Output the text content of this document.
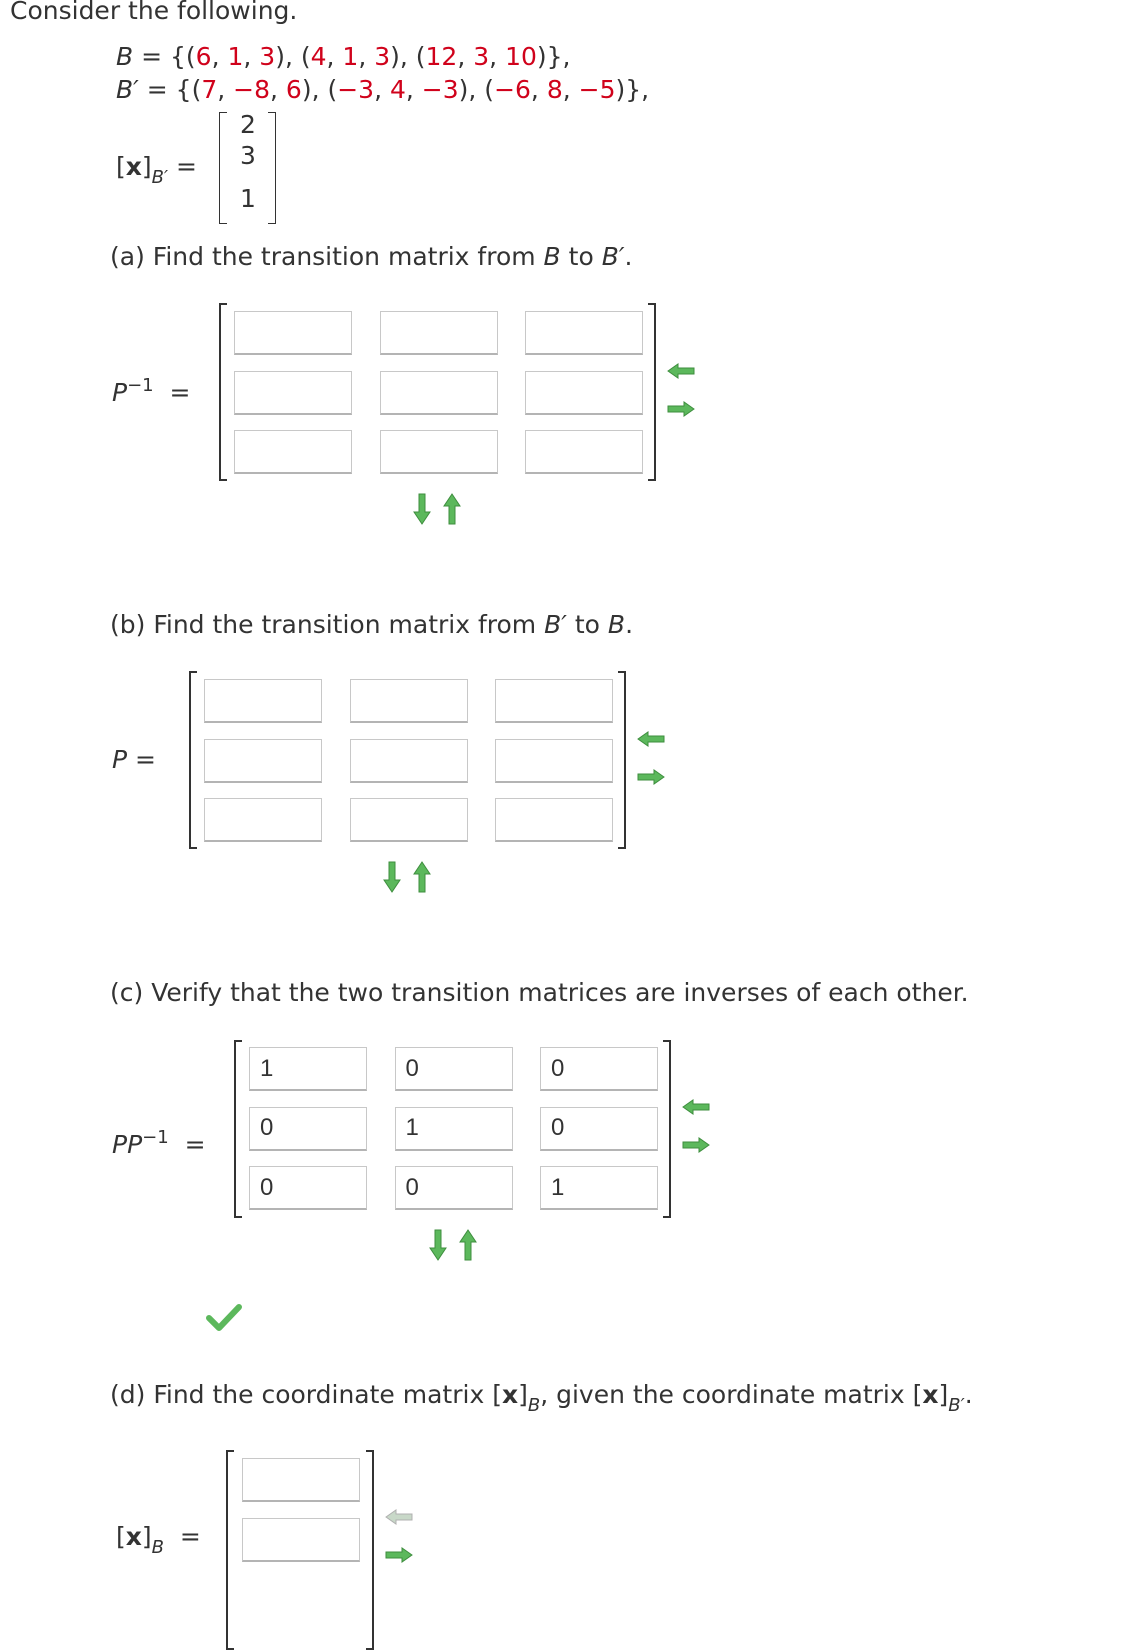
Consider the following.
B = {(6, 1, 3), (4, 1, 3), (12, 3, 10)},
B′ = {(7, −8, 6), (−3, 4, −3), (−6, 8, −5)},
$[x]_{B'}$ =
2
3
1
(a) Find the transition matrix from B to B′.
$P^{-1}$  =
(b) Find the transition matrix from B′ to B.
P =
(c) Verify that the two transition matrices are inverses of each other.
$PP^{-1}$  =
1
0
0
0
1
0
0
0
1
(d) Find the coordinate matrix $[x]_B$, given the coordinate matrix $[x]_{B'}$.
$[x]_B$  =
